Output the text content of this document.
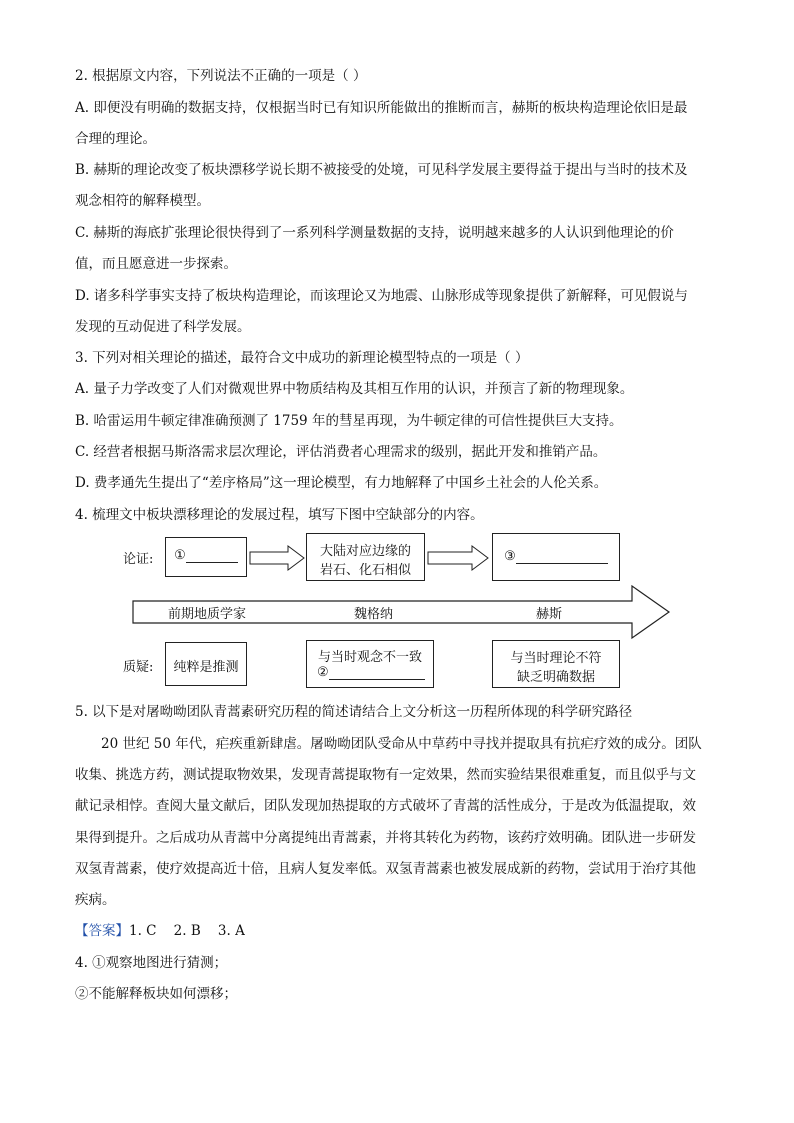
2. 根据原文内容，下列说法不正确的一项是（ ）
A. 即便没有明确的数据支持，仅根据当时已有知识所能做出的推断而言，赫斯的板块构造理论依旧是最
合理的理论。
B. 赫斯的理论改变了板块漂移学说长期不被接受的处境，可见科学发展主要得益于提出与当时的技术及
观念相符的解释模型。
C. 赫斯的海底扩张理论很快得到了一系列科学测量数据的支持，说明越来越多的人认识到他理论的价
值，而且愿意进一步探索。
D. 诸多科学事实支持了板块构造理论，而该理论又为地震、山脉形成等现象提供了新解释，可见假说与
发现的互动促进了科学发展。
3. 下列对相关理论的描述，最符合文中成功的新理论模型特点的一项是（ ）
A. 量子力学改变了人们对微观世界中物质结构及其相互作用的认识，并预言了新的物理现象。
B. 哈雷运用牛顿定律准确预测了 1759 年的彗星再现，为牛顿定律的可信性提供巨大支持。
C. 经营者根据马斯洛需求层次理论，评估消费者心理需求的级别，据此开发和推销产品。
D. 费孝通先生提出了“差序格局”这一理论模型，有力地解释了中国乡土社会的人伦关系。
4. 梳理文中板块漂移理论的发展过程，填写下图中空缺部分的内容。
论证:	①	大陆对应边缘的
岩石、化石相似
③
前期地质学家	魏格纳	赫斯
质疑:	纯粹是推测
与当时观念不一致
②
与当时理论不符
缺乏明确数据
5. 以下是对屠呦呦团队青蒿素研究历程的简述请结合上文分析这一历程所体现的科学研究路径
20 世纪 50 年代，疟疾重新肆虐。屠呦呦团队受命从中草药中寻找并提取具有抗疟疗效的成分。团队
收集、挑选方药，测试提取物效果，发现青蒿提取物有一定效果，然而实验结果很难重复，而且似乎与文
献记录相悖。查阅大量文献后，团队发现加热提取的方式破坏了青蒿的活性成分，于是改为低温提取，效
果得到提升。之后成功从青蒿中分离提纯出青蒿素，并将其转化为药物，该药疗效明确。团队进一步研发
双氢青蒿素，使疗效提高近十倍，且病人复发率低。双氢青蒿素也被发展成新的药物，尝试用于治疗其他
疾病。
【答案】1. C    2. B    3. A
4. ①观察地图进行猜测；
②不能解释板块如何漂移；
